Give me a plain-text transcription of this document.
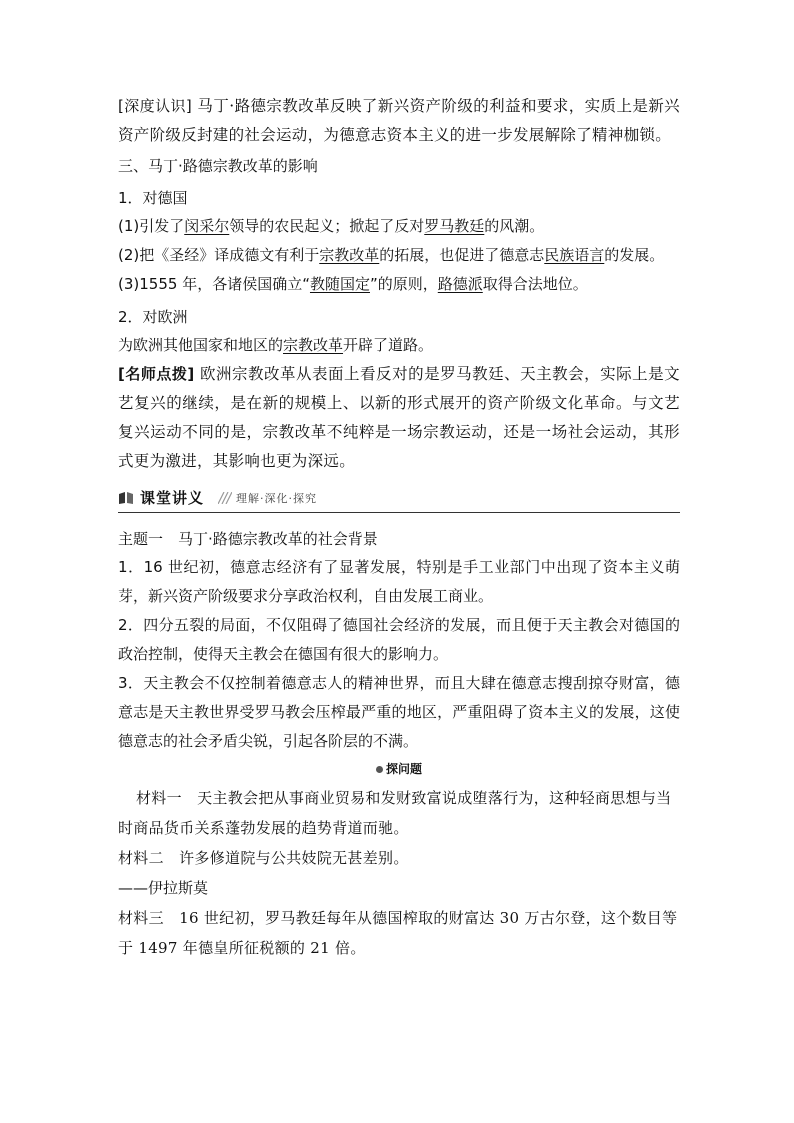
[深度认识] 马丁·路德宗教改革反映了新兴资产阶级的利益和要求，实质上是新兴资产阶级反封建的社会运动，为德意志资本主义的进一步发展解除了精神枷锁。

三、马丁·路德宗教改革的影响

1．对德国

(1)引发了闵采尔领导的农民起义；掀起了反对罗马教廷的风潮。

(2)把《圣经》译成德文有利于宗教改革的拓展，也促进了德意志民族语言的发展。

(3)1555 年，各诸侯国确立“教随国定”的原则，路德派取得合法地位。

2．对欧洲

为欧洲其他国家和地区的宗教改革开辟了道路。

[名师点拨] 欧洲宗教改革从表面上看反对的是罗马教廷、天主教会，实际上是文艺复兴的继续，是在新的规模上、以新的形式展开的资产阶级文化革命。与文艺复兴运动不同的是，宗教改革不纯粹是一场宗教运动，还是一场社会运动，其形式更为激进，其影响也更为深远。

课堂讲义	理解·深化·探究

主题一　马丁·路德宗教改革的社会背景

1．16 世纪初，德意志经济有了显著发展，特别是手工业部门中出现了资本主义萌芽，新兴资产阶级要求分享政治权利，自由发展工商业。

2．四分五裂的局面，不仅阻碍了德国社会经济的发展，而且便于天主教会对德国的政治控制，使得天主教会在德国有很大的影响力。

3．天主教会不仅控制着德意志人的精神世界，而且大肆在德意志搜刮掠夺财富，德意志是天主教世界受罗马教会压榨最严重的地区，严重阻碍了资本主义的发展，这使德意志的社会矛盾尖锐，引起各阶层的不满。

探问题

材料一 天主教会把从事商业贸易和发财致富说成堕落行为，这种轻商思想与当时商品货币关系蓬勃发展的趋势背道而驰。

材料二 许多修道院与公共妓院无甚差别。

——伊拉斯莫

材料三 16 世纪初，罗马教廷每年从德国榨取的财富达 30 万古尔登，这个数目等于 1497 年德皇所征税额的 21 倍。
